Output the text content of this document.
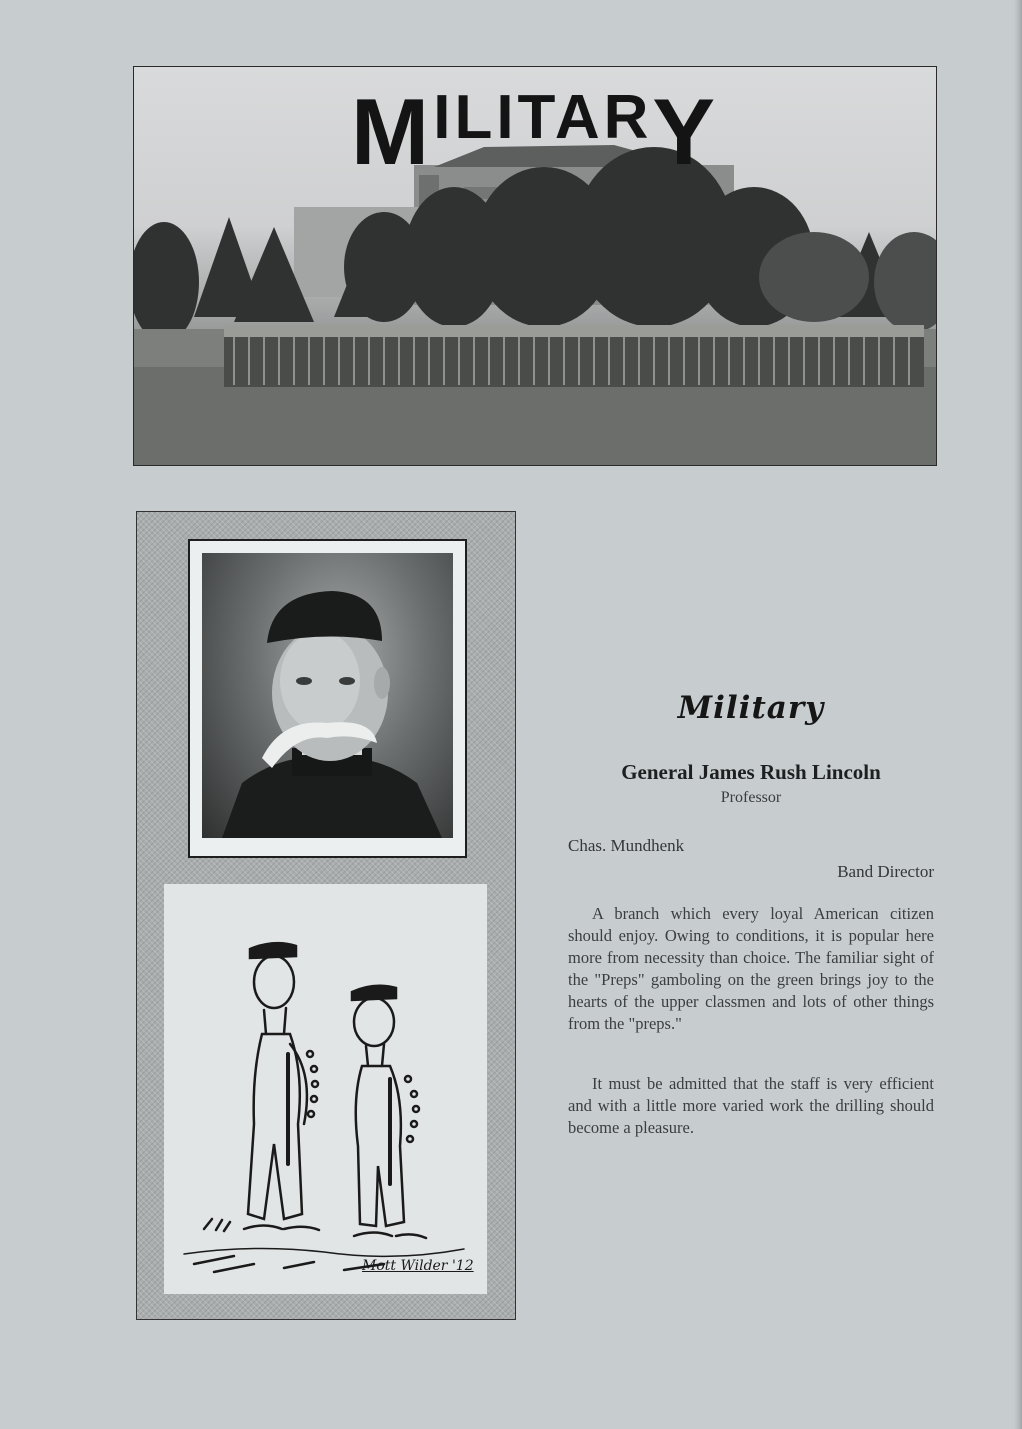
MILITARY
Mott Wilder '12
Military
General James Rush Lincoln
Professor
Chas. Mundhenk
Band Director

A branch which every loyal American citizen should enjoy. Owing to conditions, it is popular here more from necessity than choice. The familiar sight of the "Preps" gamboling on the green brings joy to the hearts of the upper classmen and lots of other things from the "preps."

It must be admitted that the staff is very efficient and with a little more varied work the drilling should become a pleasure.
